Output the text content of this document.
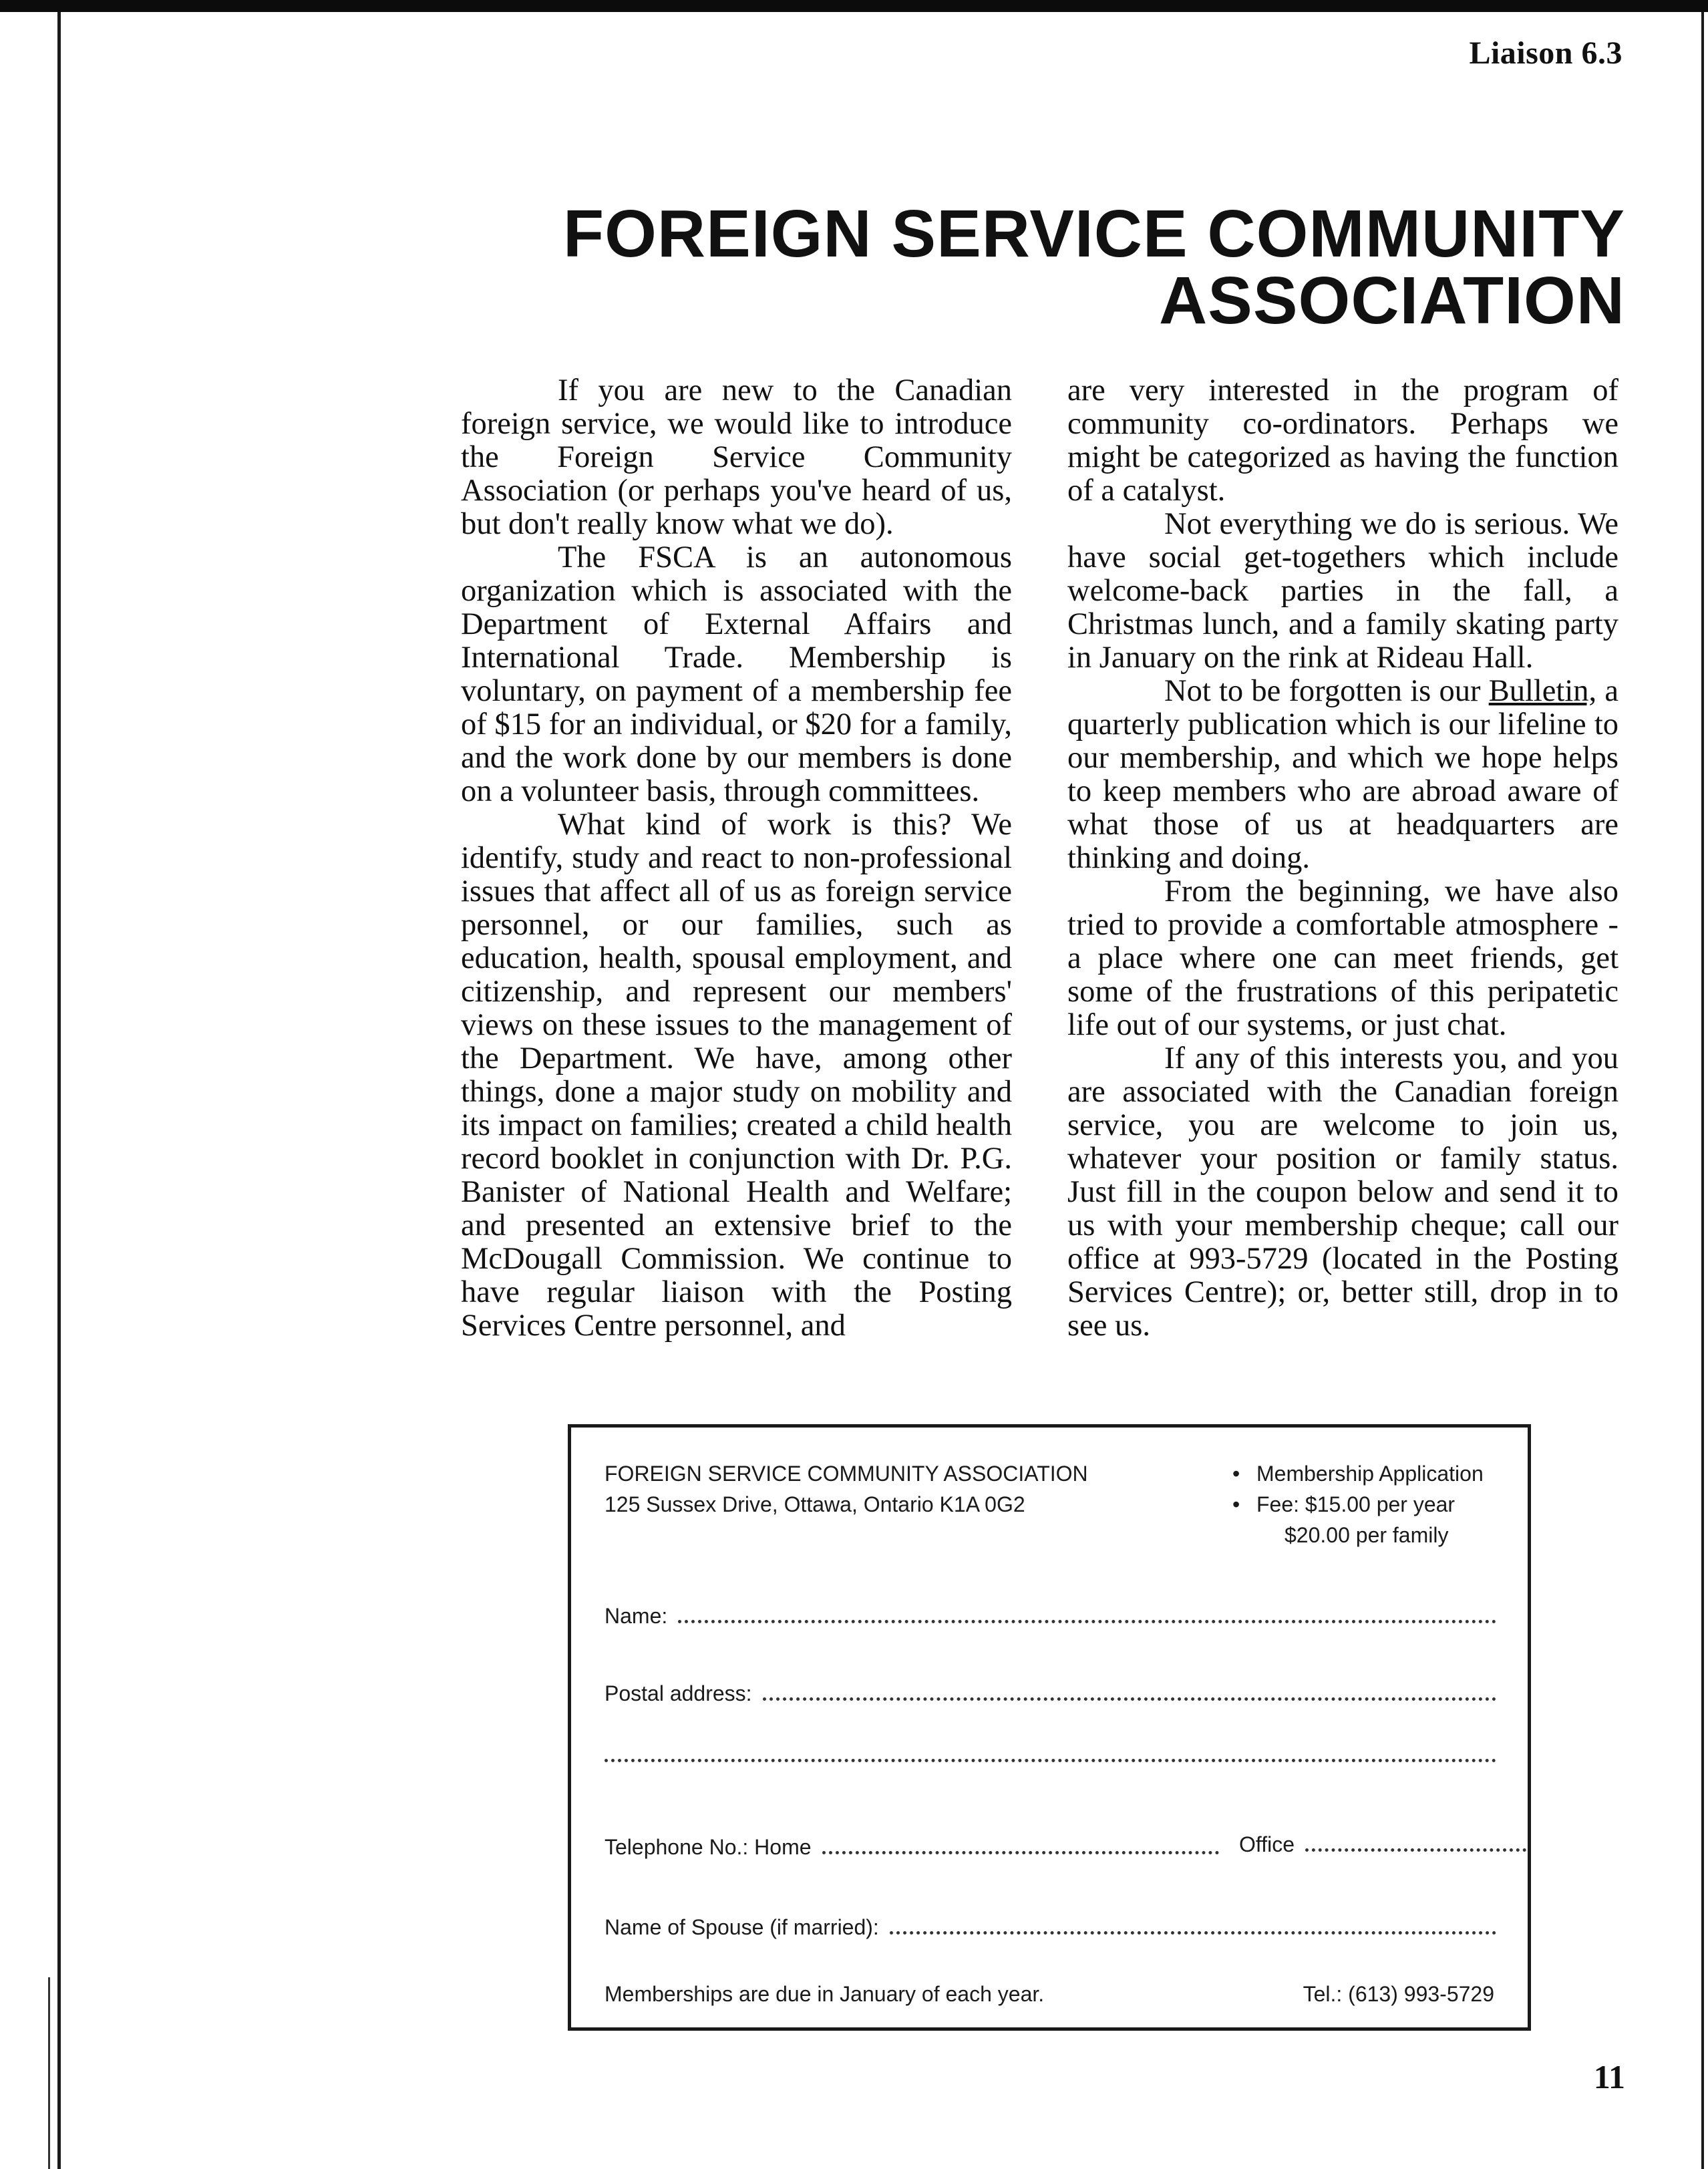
Liaison 6.3
FOREIGN SERVICE COMMUNITY
ASSOCIATION

If you are new to the Canadian foreign service, we would like to introduce the Foreign Service Community Association (or perhaps you've heard of us, but don't really know what we do).

The FSCA is an autonomous organization which is associated with the Department of External Affairs and International Trade. Membership is voluntary, on payment of a membership fee of $15 for an individual, or $20 for a family, and the work done by our members is done on a volunteer basis, through committees.

What kind of work is this? We identify, study and react to non-professional issues that affect all of us as foreign service personnel, or our families, such as education, health, spousal employment, and citizenship, and represent our members' views on these issues to the management of the Department. We have, among other things, done a major study on mobility and its impact on families; created a child health record booklet in conjunction with Dr. P.G. Banister of National Health and Welfare; and presented an extensive brief to the McDougall Commission. We continue to have regular liaison with the Posting Services Centre personnel, and

are very interested in the program of community co-ordinators. Perhaps we might be categorized as having the function of a catalyst.

Not everything we do is serious. We have social get-togethers which include welcome-back parties in the fall, a Christmas lunch, and a family skating party in January on the rink at Rideau Hall.

Not to be forgotten is our Bulletin, a quarterly publication which is our lifeline to our membership, and which we hope helps to keep members who are abroad aware of what those of us at headquarters are thinking and doing.

From the beginning, we have also tried to provide a comfortable atmosphere - a place where one can meet friends, get some of the frustrations of this peripatetic life out of our systems, or just chat.

If any of this interests you, and you are associated with the Canadian foreign service, you are welcome to join us, whatever your position or family status. Just fill in the coupon below and send it to us with your membership cheque; call our office at 993-5729 (located in the Posting Services Centre); or, better still, drop in to see us.

FOREIGN SERVICE COMMUNITY ASSOCIATION
125 Sussex Drive, Ottawa, Ontario K1A 0G2
• Membership Application
• Fee: $15.00 per year
$20.00 per family
Name:
Postal address:
Telephone No.: Home	Office
Name of Spouse (if married):
Memberships are due in January of each year.	Tel.: (613) 993-5729
11
